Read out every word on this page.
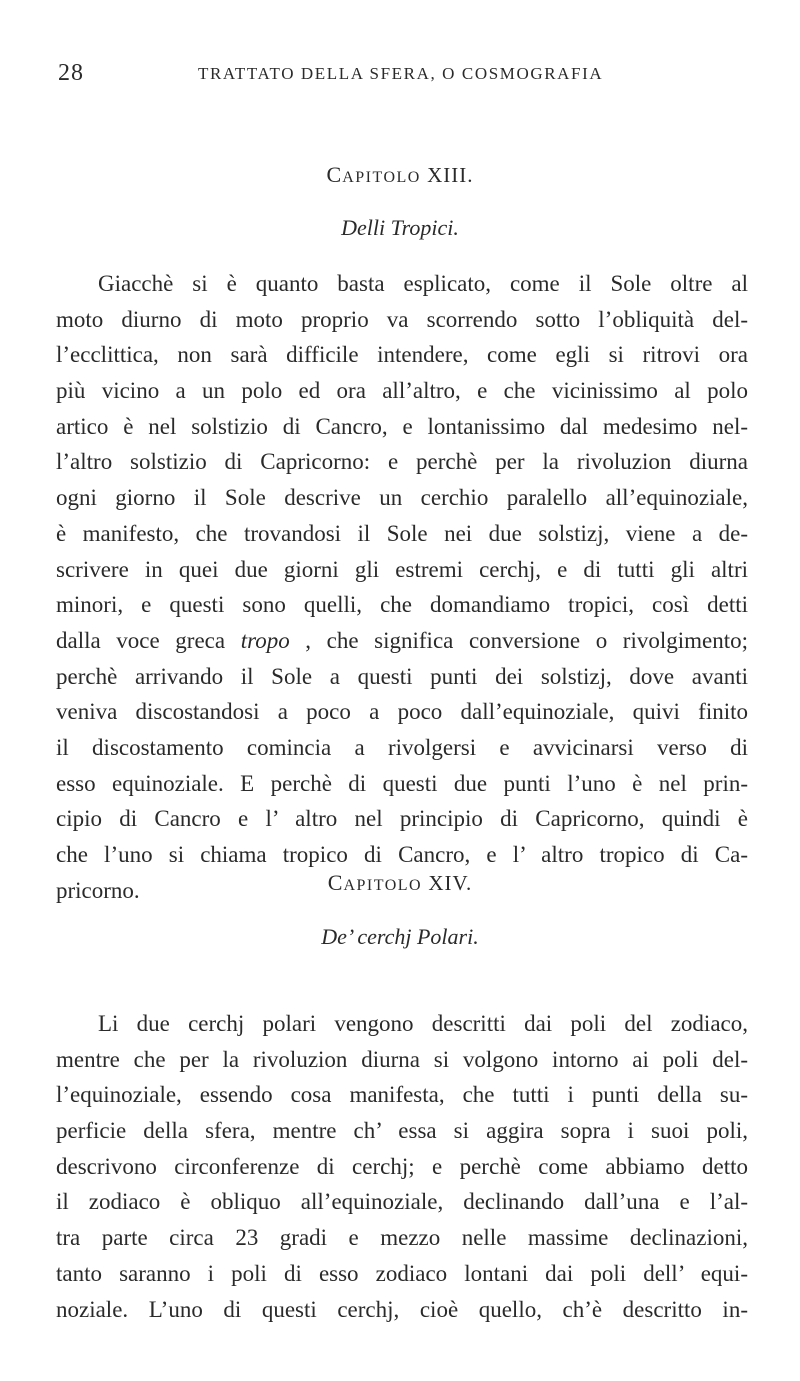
28	TRATTATO DELLA SFERA, O COSMOGRAFIA
CAPITOLO XIII.
Delli Tropici.
Giacchè si è quanto basta esplicato, come il Sole oltre al
moto diurno di moto proprio va scorrendo sotto l’obliquità del-
l’ecclittica, non sarà difficile intendere, come egli si ritrovi ora
più vicino a un polo ed ora all’altro, e che vicinissimo al polo
artico è nel solstizio di Cancro, e lontanissimo dal medesimo nel-
l’altro solstizio di Capricorno: e perchè per la rivoluzion diurna
ogni giorno il Sole descrive un cerchio paralello all’equinoziale,
è manifesto, che trovandosi il Sole nei due solstizj, viene a de-
scrivere in quei due giorni gli estremi cerchj, e di tutti gli altri
minori, e questi sono quelli, che domandiamo tropici, così detti
dalla voce greca tropo , che significa conversione o rivolgimento;
perchè arrivando il Sole a questi punti dei solstizj, dove avanti
veniva discostandosi a poco a poco dall’equinoziale, quivi finito
il discostamento comincia a rivolgersi e avvicinarsi verso di
esso equinoziale. E perchè di questi due punti l’uno è nel prin-
cipio di Cancro e l’ altro nel principio di Capricorno, quindi è
che l’uno si chiama tropico di Cancro, e l’ altro tropico di Ca-
pricorno.	CAPITOLO XIV.
De’ cerchj Polari.
Li due cerchj polari vengono descritti dai poli del zodiaco,
mentre che per la rivoluzion diurna si volgono intorno ai poli del-
l’equinoziale, essendo cosa manifesta, che tutti i punti della su-
perficie della sfera, mentre ch’ essa si aggira sopra i suoi poli,
descrivono circonferenze di cerchj; e perchè come abbiamo detto
il zodiaco è obliquo all’equinoziale, declinando dall’una e l’al-
tra parte circa 23 gradi e mezzo nelle massime declinazioni,
tanto saranno i poli di esso zodiaco lontani dai poli dell’ equi-
noziale. L’uno di questi cerchj, cioè quello, ch’è descritto in-
